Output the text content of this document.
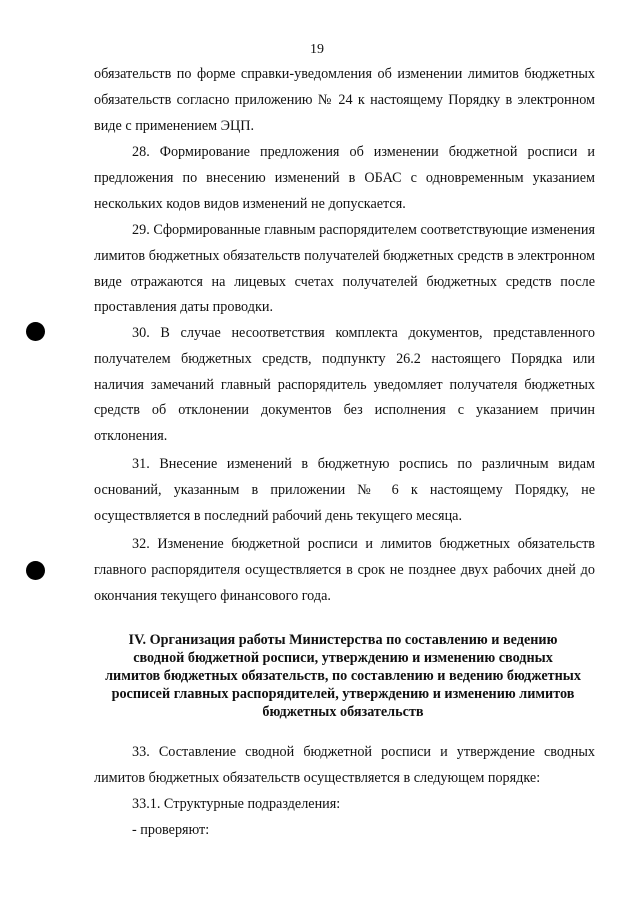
19

обязательств по форме справки-уведомления об изменении лимитов бюджетных обязательств согласно приложению № 24 к настоящему Порядку в электронном виде с применением ЭЦП.

28. Формирование предложения об изменении бюджетной росписи и предложения по внесению изменений в ОБАС с одновременным указанием нескольких кодов видов изменений не допускается.

29. Сформированные главным распорядителем соответствующие изменения лимитов бюджетных обязательств получателей бюджетных средств в электронном виде отражаются на лицевых счетах получателей бюджетных средств после проставления даты проводки.

30. В случае несоответствия комплекта документов, представленного получателем бюджетных средств, подпункту 26.2 настоящего Порядка или наличия замечаний главный распорядитель уведомляет получателя бюджетных средств об отклонении документов без исполнения с указанием причин отклонения.

31. Внесение изменений в бюджетную роспись по различным видам оснований, указанным в приложении № 6 к настоящему Порядку, не осуществляется в последний рабочий день текущего месяца.

32. Изменение бюджетной росписи и лимитов бюджетных обязательств главного распорядителя осуществляется в срок не позднее двух рабочих дней до окончания текущего финансового года.

IV. Организация работы Министерства по составлению и ведению сводной бюджетной росписи, утверждению и изменению сводных лимитов бюджетных обязательств, по составлению и ведению бюджетных росписей главных распорядителей, утверждению и изменению лимитов бюджетных обязательств

33. Составление сводной бюджетной росписи и утверждение сводных лимитов бюджетных обязательств осуществляется в следующем порядке:

33.1. Структурные подразделения:

- проверяют:
